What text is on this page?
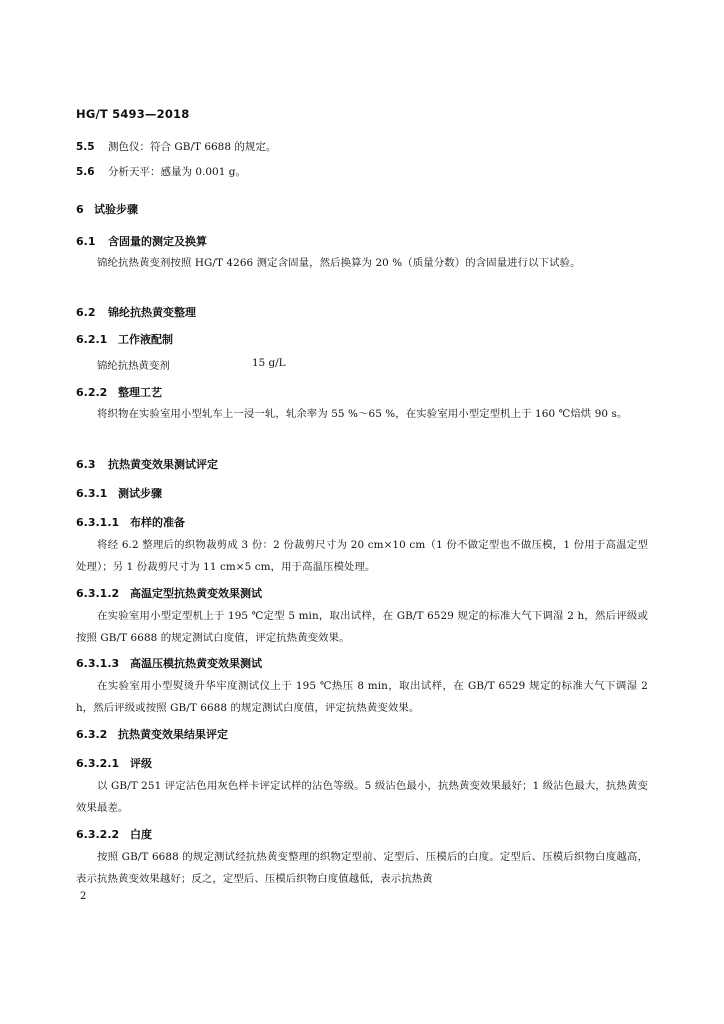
HG/T 5493—2018
5.5 测色仪：符合 GB/T 6688 的规定。
5.6 分析天平：感量为 0.001 g。
6 试验步骤
6.1 含固量的测定及换算
锦纶抗热黄变剂按照 HG/T 4266 测定含固量，然后换算为 20 %（质量分数）的含固量进行以下试验。
6.2 锦纶抗热黄变整理
6.2.1 工作液配制
锦纶抗热黄变剂	15 g/L
6.2.2 整理工艺
将织物在实验室用小型轧车上一浸一轧，轧余率为 55 %～65 %，在实验室用小型定型机上于 160 ℃焙烘 90 s。
6.3 抗热黄变效果测试评定
6.3.1 测试步骤
6.3.1.1 布样的准备
将经 6.2 整理后的织物裁剪成 3 份：2 份裁剪尺寸为 20 cm×10 cm（1 份不做定型也不做压模，1 份用于高温定型处理）；另 1 份裁剪尺寸为 11 cm×5 cm，用于高温压模处理。
6.3.1.2 高温定型抗热黄变效果测试
在实验室用小型定型机上于 195 ℃定型 5 min，取出试样，在 GB/T 6529 规定的标准大气下调湿 2 h，然后评级或按照 GB/T 6688 的规定测试白度值，评定抗热黄变效果。
6.3.1.3 高温压模抗热黄变效果测试
在实验室用小型熨烫升华牢度测试仪上于 195 ℃热压 8 min，取出试样，在 GB/T 6529 规定的标准大气下调湿 2 h，然后评级或按照 GB/T 6688 的规定测试白度值，评定抗热黄变效果。
6.3.2 抗热黄变效果结果评定
6.3.2.1 评级
以 GB/T 251 评定沾色用灰色样卡评定试样的沾色等级。5 级沾色最小，抗热黄变效果最好；1 级沾色最大，抗热黄变效果最差。
6.3.2.2 白度
按照 GB/T 6688 的规定测试经抗热黄变整理的织物定型前、定型后、压模后的白度。定型后、压模后织物白度越高，表示抗热黄变效果越好；反之，定型后、压模后织物白度值越低，表示抗热黄
2
